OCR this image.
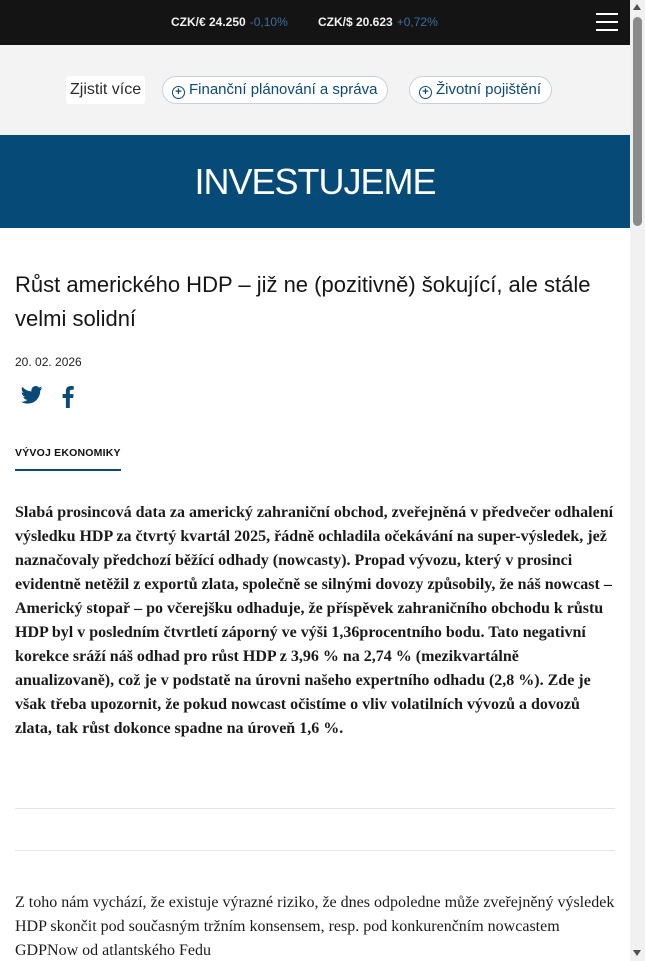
CZK/€ 24.250 -0,10%	CZK/$ 20.623 +0,72%
Zjistit více	+ Finanční plánování a správa	+ Životní pojištění
INVESTUJEME
Růst amerického HDP – již ne (pozitivně) šokující, ale stále velmi solidní
20. 02. 2026
VÝVOJ EKONOMIKY

Slabá prosincová data za americký zahraniční obchod, zveřejněná v předvečer odhalení výsledku HDP za čtvrtý kvartál 2025, řádně ochladila očekávání na super-výsledek, jež naznačovaly předchozí běžící odhady (nowcasty). Propad vývozu, který v prosinci evidentně netěžil z exportů zlata, společně se silnými dovozy způsobily, že náš nowcast – Americký stopař – po včerejšku odhaduje, že příspěvek zahraničního obchodu k růstu HDP byl v posledním čtvrtletí záporný ve výši 1,36procentního bodu. Tato negativní korekce sráží náš odhad pro růst HDP z 3,96 % na 2,74 % (mezikvartálně anualizovaně), což je v podstatě na úrovni našeho expertního odhadu (2,8 %). Zde je však třeba upozornit, že pokud nowcast očistíme o vliv volatilních vývozů a dovozů zlata, tak růst dokonce spadne na úroveň 1,6 %.

Z toho nám vychází, že existuje výrazné riziko, že dnes odpoledne může zveřejněný výsledek HDP skončit pod současným tržním konsensem, resp. pod konkurenčním nowcastem GDPNow od atlantského Fedu
